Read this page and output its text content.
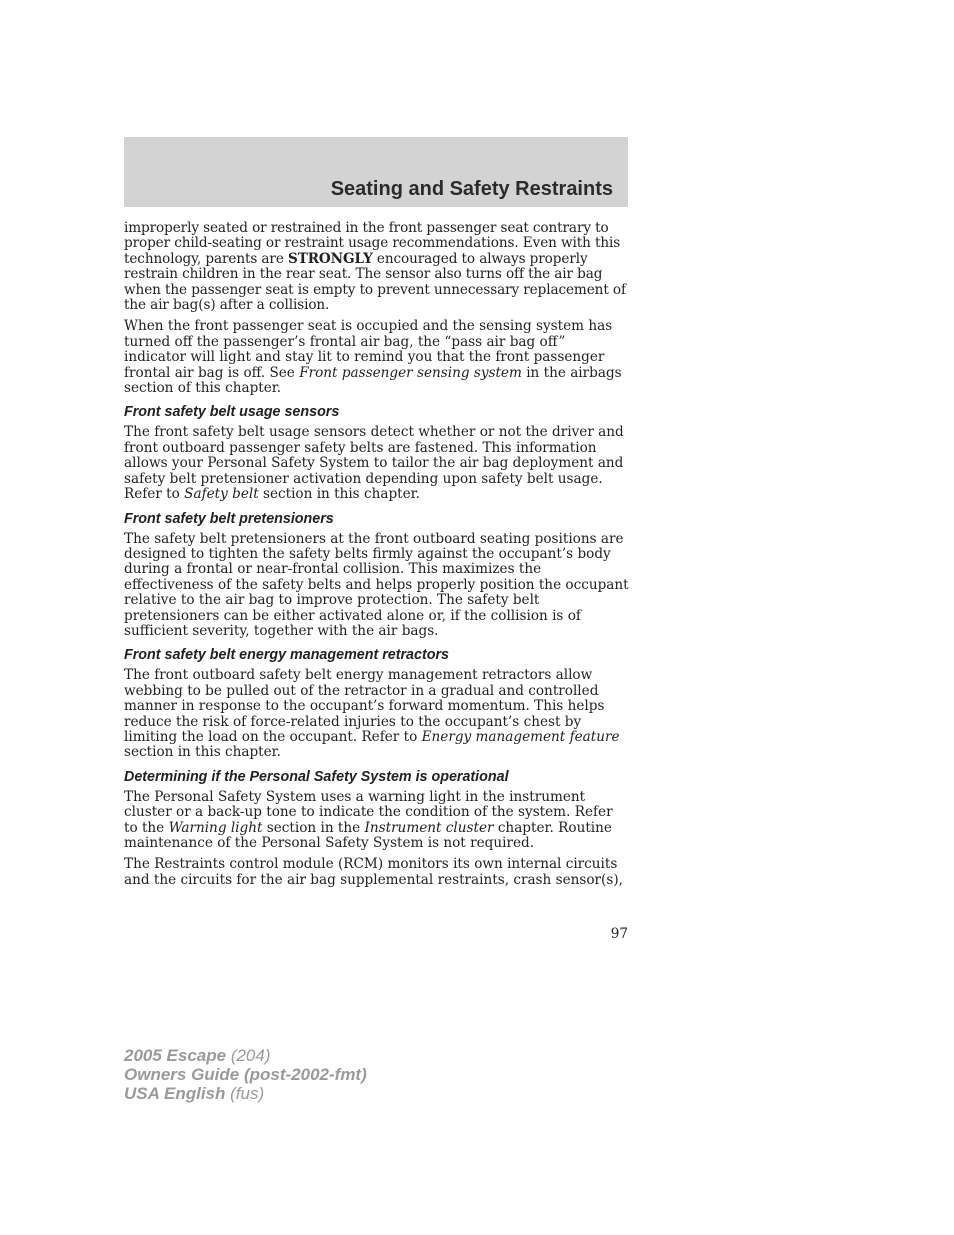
Seating and Safety Restraints

improperly seated or restrained in the front passenger seat contrary to proper child-seating or restraint usage recommendations. Even with this technology, parents are STRONGLY encouraged to always properly restrain children in the rear seat. The sensor also turns off the air bag when the passenger seat is empty to prevent unnecessary replacement of the air bag(s) after a collision.

When the front passenger seat is occupied and the sensing system has turned off the passenger’s frontal air bag, the “pass air bag off” indicator will light and stay lit to remind you that the front passenger frontal air bag is off. See Front passenger sensing system in the airbags section of this chapter.

Front safety belt usage sensors

The front safety belt usage sensors detect whether or not the driver and front outboard passenger safety belts are fastened. This information allows your Personal Safety System to tailor the air bag deployment and safety belt pretensioner activation depending upon safety belt usage. Refer to Safety belt section in this chapter.

Front safety belt pretensioners

The safety belt pretensioners at the front outboard seating positions are designed to tighten the safety belts firmly against the occupant’s body during a frontal or near-frontal collision. This maximizes the effectiveness of the safety belts and helps properly position the occupant relative to the air bag to improve protection. The safety belt pretensioners can be either activated alone or, if the collision is of sufficient severity, together with the air bags.

Front safety belt energy management retractors

The front outboard safety belt energy management retractors allow webbing to be pulled out of the retractor in a gradual and controlled manner in response to the occupant’s forward momentum. This helps reduce the risk of force-related injuries to the occupant’s chest by limiting the load on the occupant. Refer to Energy management feature section in this chapter.

Determining if the Personal Safety System is operational

The Personal Safety System uses a warning light in the instrument cluster or a back-up tone to indicate the condition of the system. Refer to the Warning light section in the Instrument cluster chapter. Routine maintenance of the Personal Safety System is not required.

The Restraints control module (RCM) monitors its own internal circuits and the circuits for the air bag supplemental restraints, crash sensor(s),

97
2005 Escape (204)
Owners Guide (post-2002-fmt)
USA English (fus)
